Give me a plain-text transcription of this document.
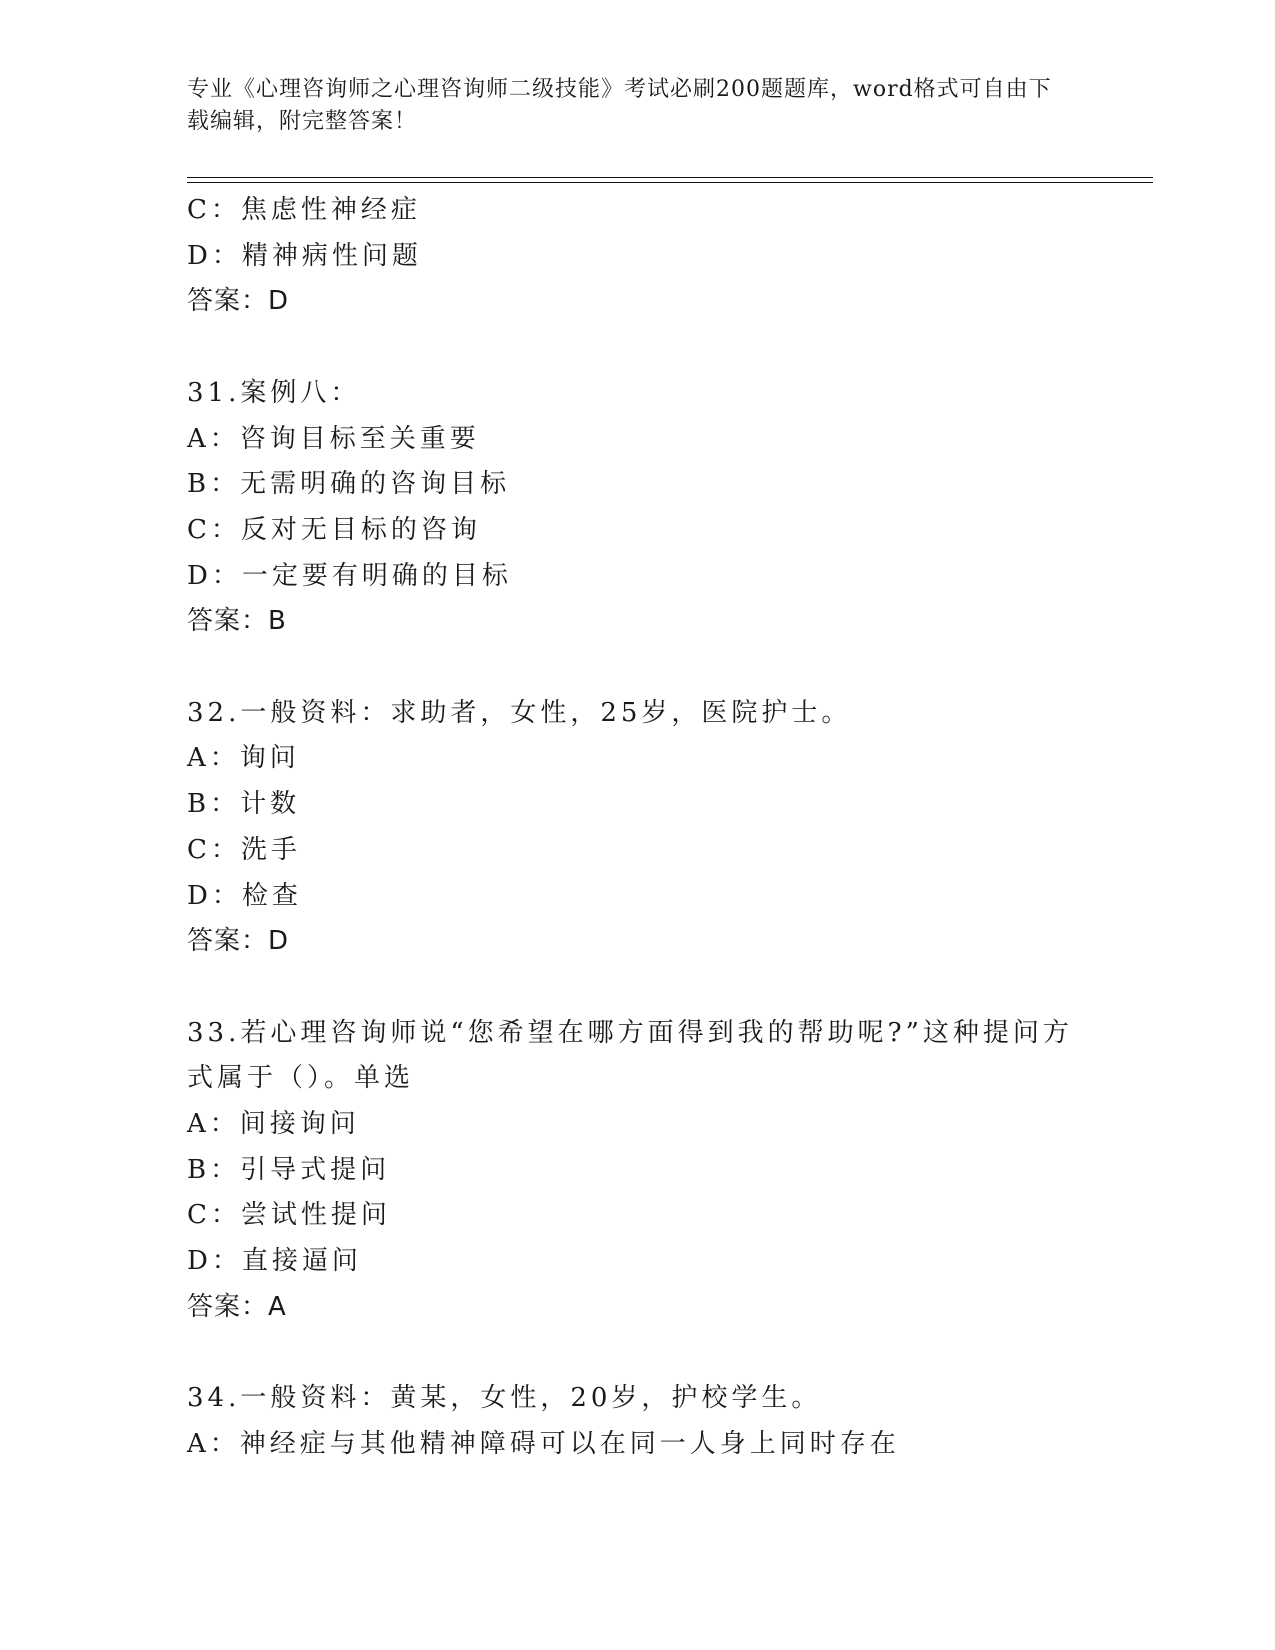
专业《心理咨询师之心理咨询师二级技能》考试必刷200题题库，word格式可自由下载编辑，附完整答案！
C：焦虑性神经症
D：精神病性问题
答案：D
31.案例八：
A：咨询目标至关重要
B：无需明确的咨询目标
C：反对无目标的咨询
D：一定要有明确的目标
答案：B
32.一般资料：求助者，女性，25岁，医院护士。
A：询问
B：计数
C：洗手
D：检查
答案：D
33.若心理咨询师说“您希望在哪方面得到我的帮助呢?”这种提问方
式属于（）。单选
A：间接询问
B：引导式提问
C：尝试性提问
D：直接逼问
答案：A
34.一般资料：黄某，女性，20岁，护校学生。
A：神经症与其他精神障碍可以在同一人身上同时存在
